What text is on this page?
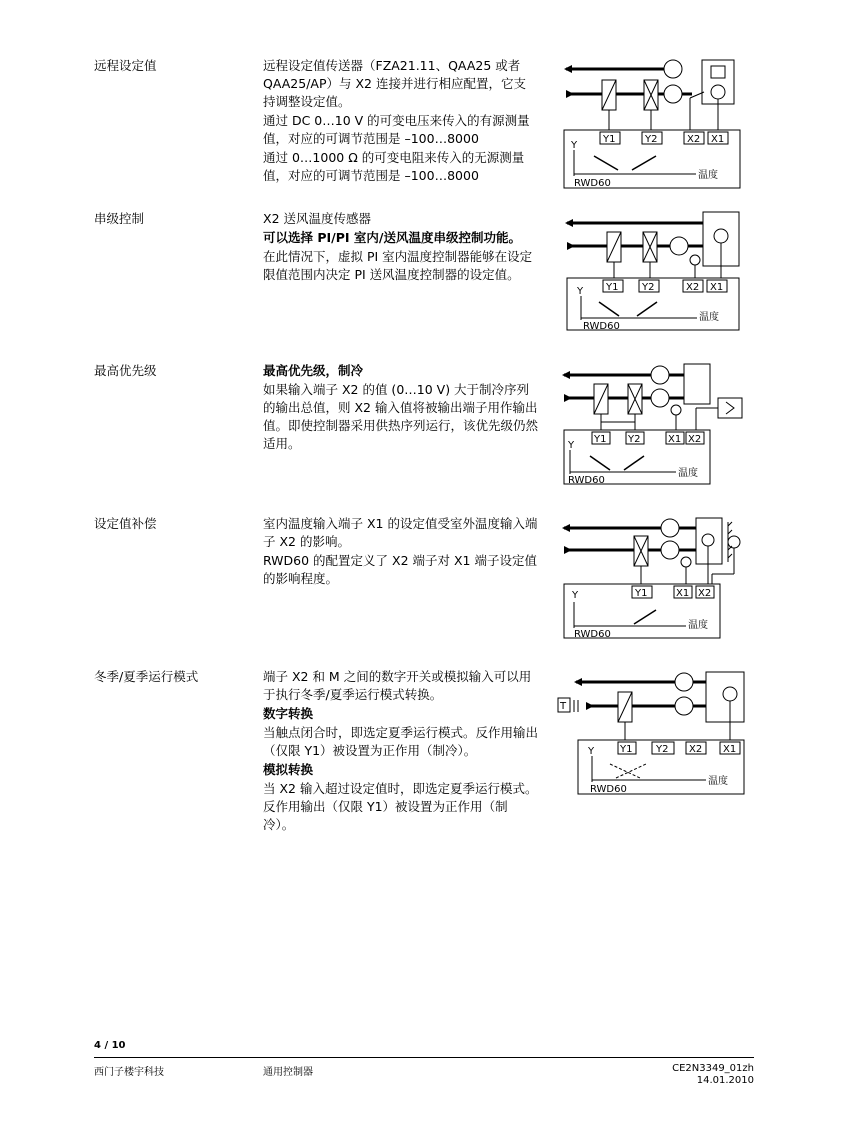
远程设定值	远程设定值传送器（FZA21.11、QAA25 或者 QAA25/AP）与 X2 连接并进行相应配置，它支持调整设定值。

通过 DC 0…10 V 的可变电压来传入的有源测量值，对应的可调节范围是 –100…8000

通过 0…1000 Ω 的可变电阻来传入的无源测量值，对应的可调节范围是 –100…8000

Y1	Y2	X2 X1
Y
温度
RWD60
串级控制	X2 送风温度传感器

可以选择 PI/PI 室内/送风温度串级控制功能。

在此情况下，虚拟 PI 室内温度控制器能够在设定限值范围内决定 PI 送风温度控制器的设定值。

Y1 Y2	X2 X1
Y
温度
RWD60
最高优先级	最高优先级，制冷

如果输入端子 X2 的值 (0…10 V) 大于制冷序列的输出总值，则 X2 输入值将被输出端子用作输出值。即使控制器采用供热序列运行，该优先级仍然适用。	Y1 Y2	X1 X2
Y
温度
RWD60
设定值补偿	室内温度输入端子 X1 的设定值受室外温度输入端子 X2 的影响。

RWD60 的配置定义了 X2 端子对 X1 端子设定值的影响程度。

Y1	X1 X2
Y
温度
RWD60
冬季/夏季运行模式	端子 X2 和 M 之间的数字开关或模拟输入可以用于执行冬季/夏季运行模式转换。

数字转换

当触点闭合时，即选定夏季运行模式。反作用输出（仅限 Y1）被设置为正作用（制冷）。

模拟转换

当 X2 输入超过设定值时，即选定夏季运行模式。反作用输出（仅限 Y1）被设置为正作用（制冷）。

T
Y1 Y2 X2 X1
Y
温度
RWD60
4 / 10
西门子楼宇科技	通用控制器	CE2N3349_01zh
14.01.2010
